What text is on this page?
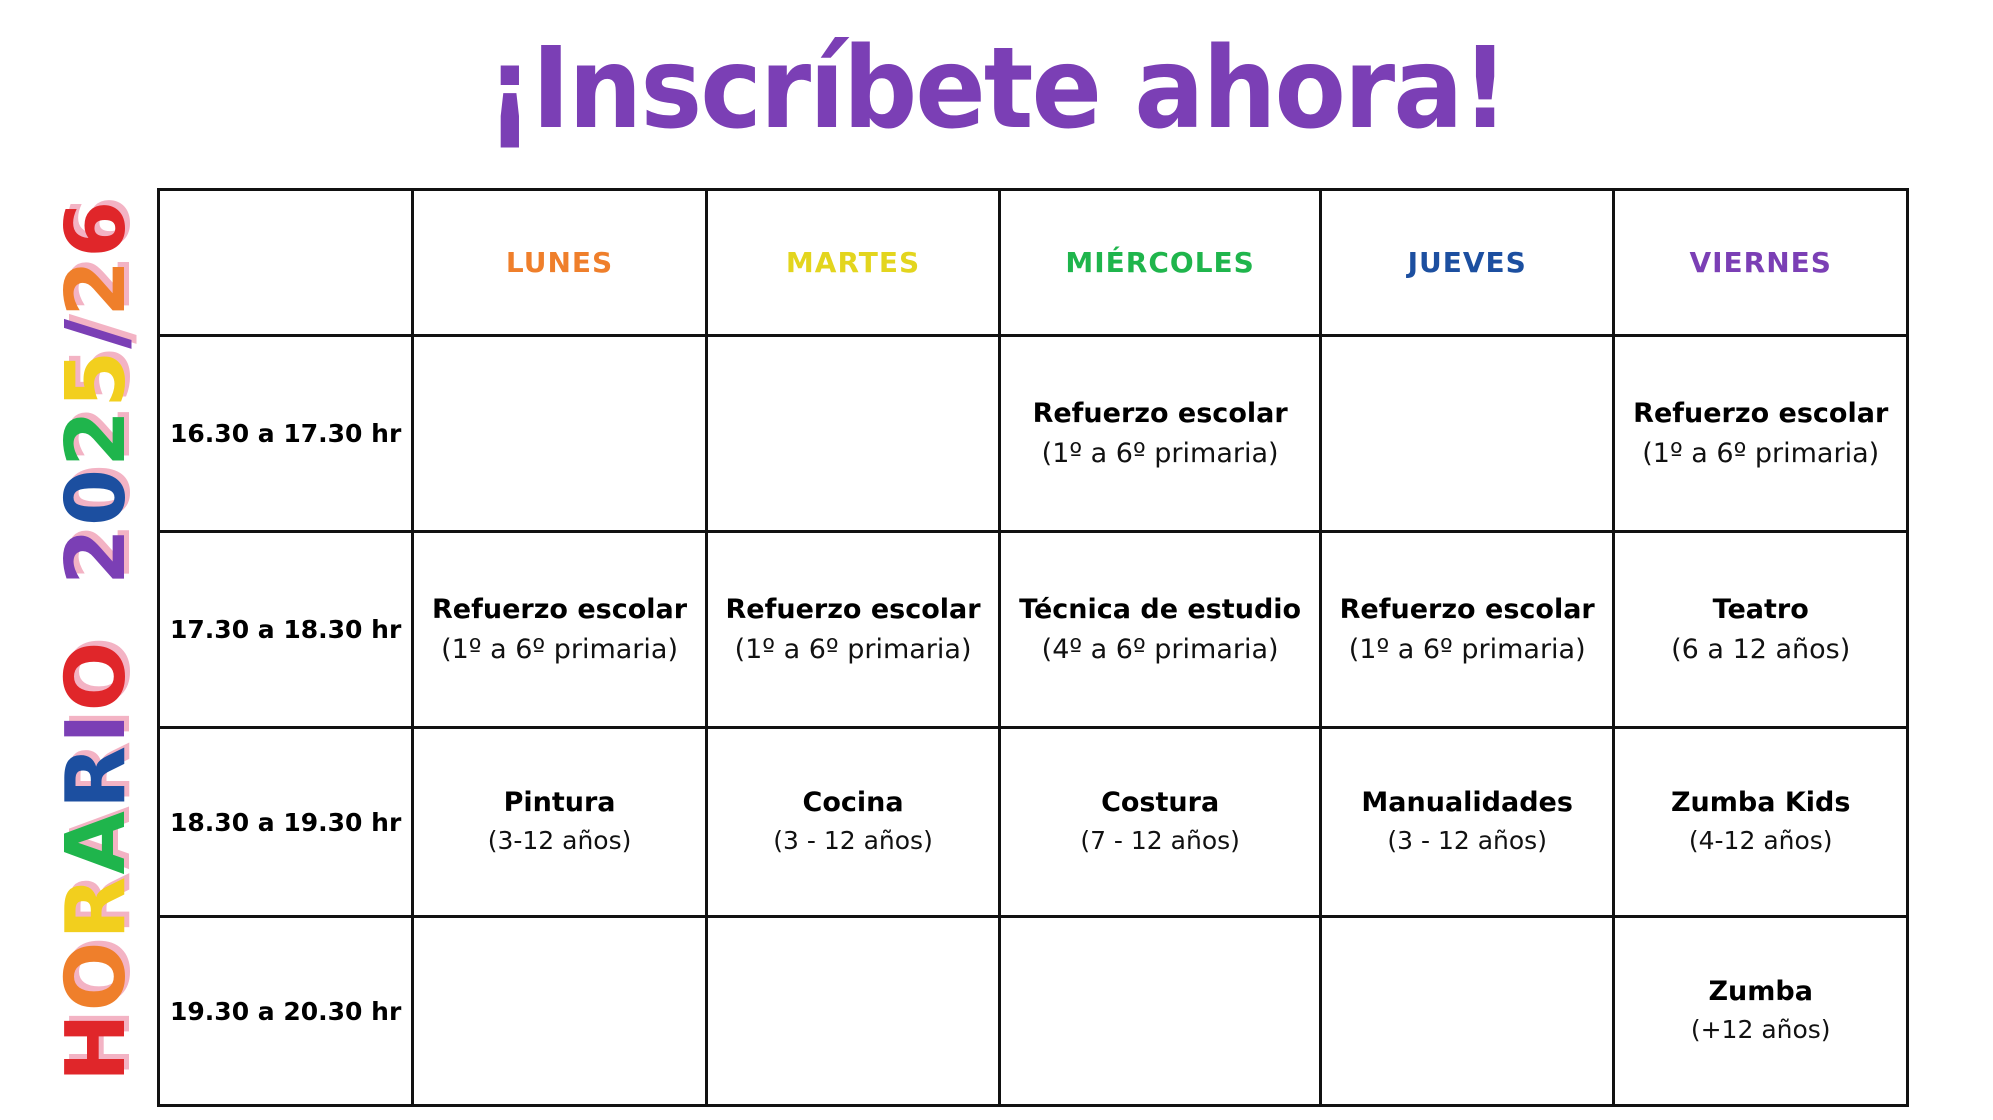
¡Inscríbete ahora!
HORARIO 2025/26
	LUNES	MARTES	MIÉRCOLES	JUEVES	VIERNES
16.30 a 17.30 hr			Refuerzo escolar
(1º a 6º primaria)		Refuerzo escolar
(1º a 6º primaria)

17.30 a 18.30 hr	Refuerzo escolar
(1º a 6º primaria)	Refuerzo escolar
(1º a 6º primaria)	Técnica de estudio
(4º a 6º primaria)	Refuerzo escolar
(1º a 6º primaria)	Teatro
(6 a 12 años)

18.30 a 19.30 hr	Pintura
(3-12 años)	Cocina
(3 - 12 años)	Costura
(7 - 12 años)	Manualidades
(3 - 12 años)	Zumba Kids
(4-12 años)

19.30 a 20.30 hr					Zumba
(+12 años)
